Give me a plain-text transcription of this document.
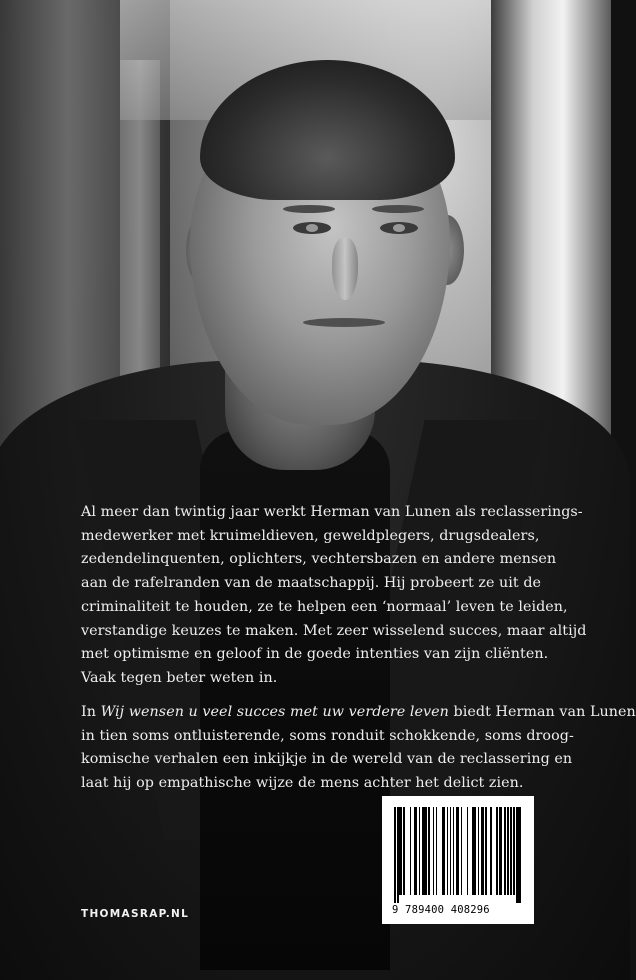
Al meer dan twintig jaar werkt Herman van Lunen als reclasserings-
medewerker met kruimeldieven, geweldplegers, drugsdealers,
zedendelinquenten, oplichters, vechtersbazen en andere mensen
aan de rafelranden van de maatschappij. Hij probeert ze uit de
criminaliteit te houden, ze te helpen een ‘normaal’ leven te leiden,
verstandige keuzes te maken. Met zeer wisselend succes, maar altijd
met optimisme en geloof in de goede intenties van zijn cliënten.
Vaak tegen beter weten in.
In Wij wensen u veel succes met uw verdere leven biedt Herman van Lunen
in tien soms ontluisterende, soms ronduit schokkende, soms droog-
komische verhalen een inkijkje in de wereld van de reclassering en
laat hij op empathische wijze de mens achter het delict zien.
THOMASRAP.NL	9 789400 408296
